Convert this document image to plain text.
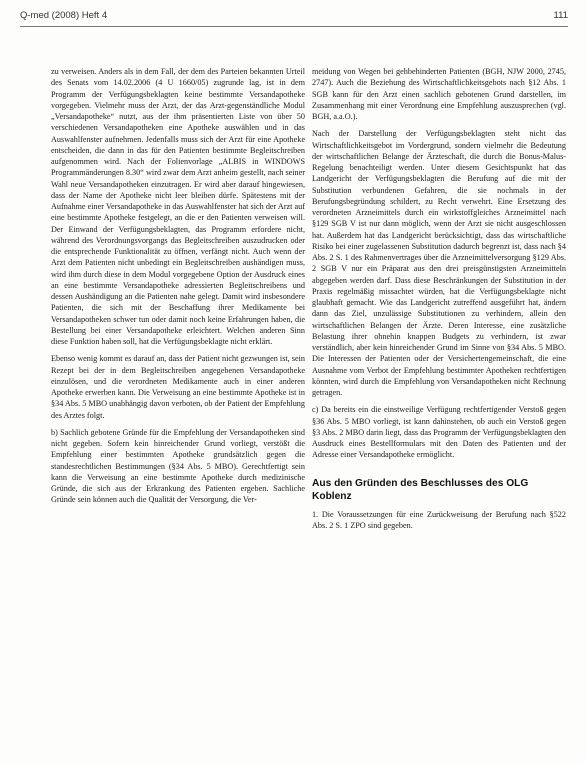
Q-med (2008) Heft 4	111

zu verweisen. Anders als in dem Fall, der dem des Parteien bekannten Urteil des Senats vom 14.02.2006 (4 U 1660/05) zugrunde lag, ist in dem Programm der Verfügungsbeklagten keine bestimmte Versandapotheke vorgegeben. Vielmehr muss der Arzt, der das Arzt-gegenständliche Modul „Versandapotheke“ nutzt, aus der ihm präsentierten Liste von über 50 verschiedenen Versandapotheken eine Apotheke auswählen und in das Auswahlfenster aufnehmen. Jedenfalls muss sich der Arzt für eine Apotheke entscheiden, die dann in das für den Patienten bestimmte Begleitschreiben aufgenommen wird. Nach der Folienvorlage „ALBIS in WINDOWS Programmänderungen 8.30“ wird zwar dem Arzt anheim gestellt, nach seiner Wahl neue Versandapotheken einzutragen. Er wird aber darauf hingewiesen, dass der Name der Apotheke nicht leer bleiben dürfe. Spätestens mit der Aufnahme einer Versandapotheke in das Auswahlfenster hat sich der Arzt auf eine bestimmte Apotheke festgelegt, an die er den Patienten verweisen will. Der Einwand der Verfügungsbeklagten, das Programm erfordere nicht, während des Verordnungsvorgangs das Begleitschreiben auszudrucken oder die entsprechende Funktionalität zu öffnen, verfängt nicht. Auch wenn der Arzt dem Patienten nicht unbedingt ein Begleitschreiben aushändigen muss, wird ihm durch diese in dem Modul vorgegebene Option der Ausdruck eines an eine bestimmte Versandapotheke adressierten Begleitschreibens und dessen Aushändigung an die Patienten nahe gelegt. Damit wird insbesondere Patienten, die sich mit der Beschaffung ihrer Medikamente bei Versandapotheken schwer tun oder damit noch keine Erfahrungen haben, die Bestellung bei einer Versandapotheke erleichtert. Welchen anderen Sinn diese Funktion haben soll, hat die Verfügungsbeklagte nicht erklärt.

Ebenso wenig kommt es darauf an, dass der Patient nicht gezwungen ist, sein Rezept bei der in dem Begleitschreiben angegebenen Versandapotheke einzulösen, und die verordneten Medikamente auch in einer anderen Apotheke erwerben kann. Die Verweisung an eine bestimmte Apotheke ist in §34 Abs. 5 MBO unabhängig davon verboten, ob der Patient der Empfehlung des Arztes folgt.

b) Sachlich gebotene Gründe für die Empfehlung der Versandapotheken sind nicht gegeben. Sofern kein hinreichender Grund vorliegt, verstößt die Empfehlung einer bestimmten Apotheke grundsätzlich gegen die standesrechtlichen Bestimmungen (§34 Abs. 5 MBO). Gerechtfertigt sein kann die Verweisung an eine bestimmte Apotheke durch medizinische Gründe, die sich aus der Erkrankung des Patienten ergeben. Sachliche Gründe sein können auch die Qualität der Versorgung, die Ver-

meidung von Wegen bei gehbehinderten Patienten (BGH, NJW 2000, 2745, 2747). Auch die Beziehung des Wirtschaftlichkeitsgebots nach §12 Abs. 1 SGB kann für den Arzt einen sachlich gebotenen Grund darstellen, im Zusammenhang mit einer Verordnung eine Empfehlung auszusprechen (vgl. BGH, a.a.O.).

Nach der Darstellung der Verfügungsbeklagten steht nicht das Wirtschaftlichkeitsgebot im Vordergrund, sondern vielmehr die Bedeutung der wirtschaftlichen Belange der Ärzteschaft, die durch die Bonus-Malus-Regelung benachteiligt werden. Unter diesem Gesichtspunkt hat das Landgericht der Verfügungsbeklagten die Berufung auf die mit der Substitution verbundenen Gefahren, die sie nochmals in der Berufungsbegründung schildert, zu Recht verwehrt. Eine Ersetzung des verordneten Arzneimittels durch ein wirkstoffgleiches Arzneimittel nach §129 SGB V ist nur dann möglich, wenn der Arzt sie nicht ausgeschlossen hat. Außerdem hat das Landgericht berücksichtigt, dass das wirtschaftliche Risiko bei einer zugelassenen Substitution dadurch begrenzt ist, dass nach §4 Abs. 2 S. 1 des Rahmenvertrages über die Arzneimittelversorgung §129 Abs. 2 SGB V nur ein Präparat aus den drei preisgünstigsten Arzneimitteln abgegeben werden darf. Dass diese Beschränkungen der Substitution in der Praxis regelmäßig missachtet würden, hat die Verfügungsbeklagte nicht glaubhaft gemacht. Wie das Landgericht zutreffend ausgeführt hat, ändern dann das Ziel, unzulässige Substitutionen zu verhindern, allein den wirtschaftlichen Belangen der Ärzte. Deren Interesse, eine zusätzliche Belastung ihrer ohnehin knappen Budgets zu verhindern, ist zwar verständlich, aber kein hinreichender Grund im Sinne von §34 Abs. 5 MBO. Die Interessen der Patienten oder der Versichertengemeinschaft, die eine Ausnahme vom Verbot der Empfehlung bestimmter Apotheken rechtfertigen könnten, wird durch die Empfehlung von Versandapotheken nicht Rechnung getragen.

c) Da bereits ein die einstweilige Verfügung rechtfertigender Verstoß gegen §36 Abs. 5 MBO vorliegt, ist kann dahinstehen, ob auch ein Verstoß gegen §3 Abs. 2 MBO darin liegt, dass das Programm der Verfügungsbeklagten den Ausdruck eines Bestellformulars mit den Daten des Patienten und der Adresse einer Versandapotheke ermöglicht.

Aus den Gründen des Beschlusses des OLG Koblenz

1. Die Voraussetzungen für eine Zurückweisung der Berufung nach §522 Abs. 2 S. 1 ZPO sind gegeben.
